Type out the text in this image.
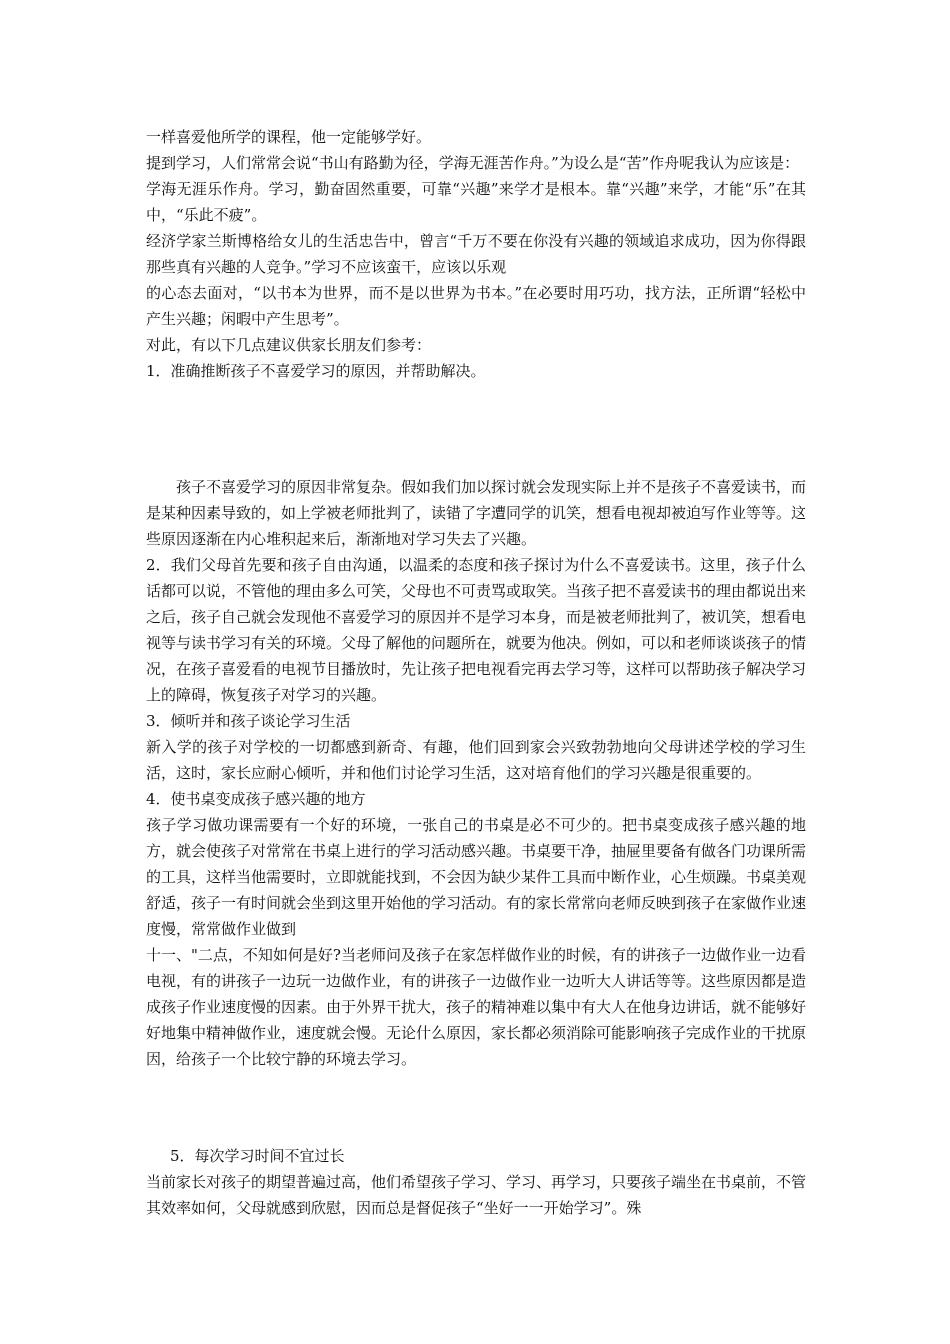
一样喜爱他所学的课程，他一定能够学好。

提到学习，人们常常会说“书山有路勤为径，学海无涯苦作舟。”为设么是“苦”作舟呢我认为应该是：

学海无涯乐作舟。学习，勤奋固然重要，可靠“兴趣”来学才是根本。靠“兴趣”来学，才能“乐”在其中，“乐此不疲”。

经济学家兰斯博格给女儿的生活忠告中，曾言“千万不要在你没有兴趣的领域追求成功，因为你得跟那些真有兴趣的人竞争。”学习不应该蛮干，应该以乐观

的心态去面对，“以书本为世界，而不是以世界为书本。”在必要时用巧功，找方法，正所谓“轻松中产生兴趣；闲暇中产生思考”。

对此，有以下几点建议供家长朋友们参考：

1．准确推断孩子不喜爱学习的原因，并帮助解决。

孩子不喜爱学习的原因非常复杂。假如我们加以探讨就会发现实际上并不是孩子不喜爱读书，而是某种因素导致的，如上学被老师批判了，读错了字遭同学的讥笑，想看电视却被迫写作业等等。这些原因逐渐在内心堆积起来后，渐渐地对学习失去了兴趣。

2．我们父母首先要和孩子自由沟通，以温柔的态度和孩子探讨为什么不喜爱读书。这里，孩子什么话都可以说，不管他的理由多么可笑，父母也不可责骂或取笑。当孩子把不喜爱读书的理由都说出来之后，孩子自己就会发现他不喜爱学习的原因并不是学习本身，而是被老师批判了，被讥笑，想看电视等与读书学习有关的环境。父母了解他的问题所在，就要为他决。例如，可以和老师谈谈孩子的情况，在孩子喜爱看的电视节目播放时，先让孩子把电视看完再去学习等，这样可以帮助孩子解决学习上的障碍，恢复孩子对学习的兴趣。

3．倾听并和孩子谈论学习生活

新入学的孩子对学校的一切都感到新奇、有趣，他们回到家会兴致勃勃地向父母讲述学校的学习生活，这时，家长应耐心倾听，并和他们讨论学习生活，这对培育他们的学习兴趣是很重要的。

4．使书桌变成孩子感兴趣的地方

孩子学习做功课需要有一个好的环境，一张自己的书桌是必不可少的。把书桌变成孩子感兴趣的地方，就会使孩子对常常在书桌上进行的学习活动感兴趣。书桌要干净，抽屉里要备有做各门功课所需的工具，这样当他需要时，立即就能找到，不会因为缺少某件工具而中断作业，心生烦躁。书桌美观舒适，孩子一有时间就会坐到这里开始他的学习活动。有的家长常常向老师反映到孩子在家做作业速度慢，常常做作业做到

十一、"二点，不知如何是好?当老师问及孩子在家怎样做作业的时候，有的讲孩子一边做作业一边看电视，有的讲孩子一边玩一边做作业，有的讲孩子一边做作业一边听大人讲话等等。这些原因都是造成孩子作业速度慢的因素。由于外界干扰大，孩子的精神难以集中有大人在他身边讲话，就不能够好好地集中精神做作业，速度就会慢。无论什么原因，家长都必须消除可能影响孩子完成作业的干扰原因，给孩子一个比较宁静的环境去学习。

5．每次学习时间不宜过长

当前家长对孩子的期望普遍过高，他们希望孩子学习、学习、再学习，只要孩子端坐在书桌前，不管其效率如何，父母就感到欣慰，因而总是督促孩子“坐好一一开始学习”。殊
